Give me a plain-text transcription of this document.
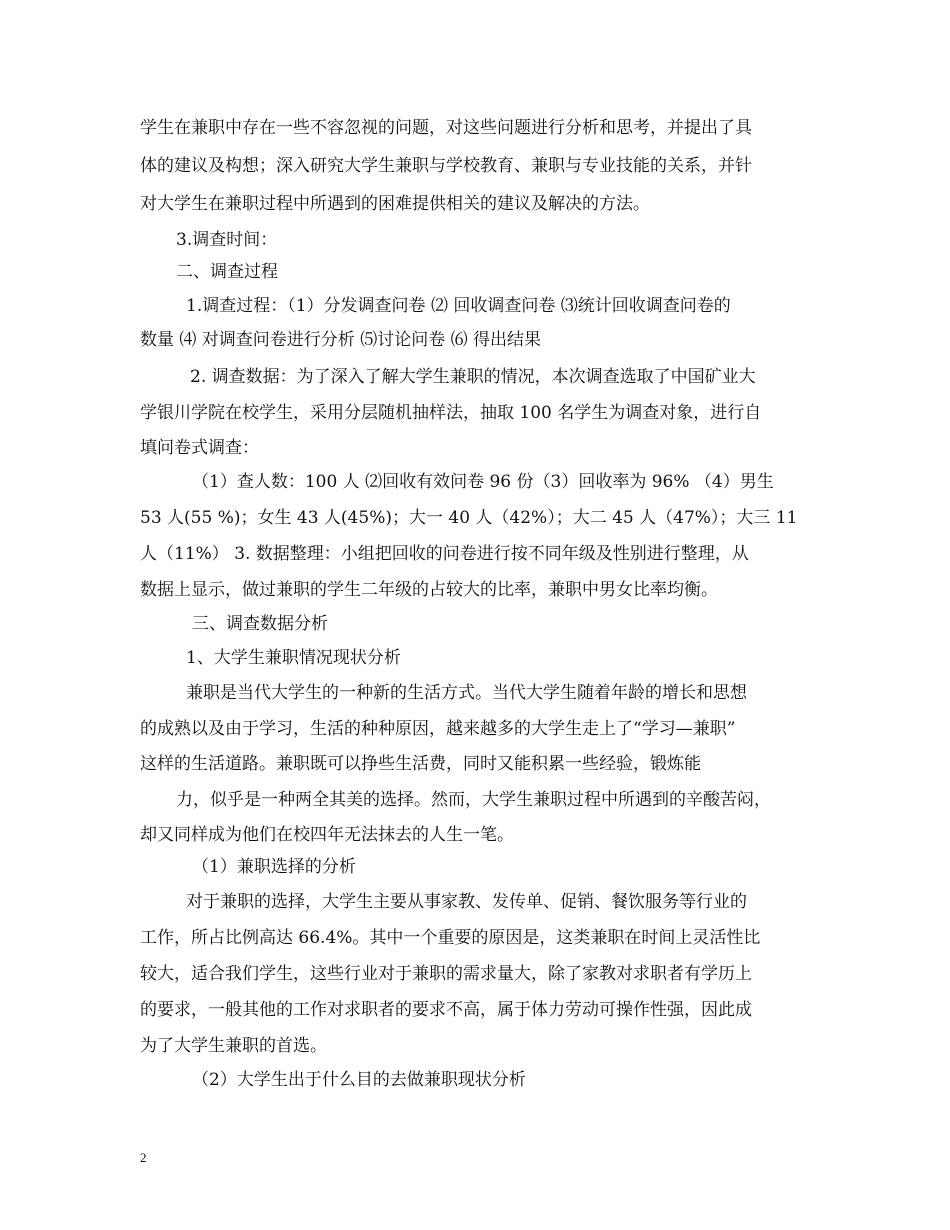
学生在兼职中存在一些不容忽视的问题，对这些问题进行分析和思考，并提出了具
体的建议及构想；深入研究大学生兼职与学校教育、兼职与专业技能的关系，并针
对大学生在兼职过程中所遇到的困难提供相关的建议及解决的方法。
3.调查时间：
二、调查过程
1.调查过程：（1）分发调查问卷 ⑵ 回收调查问卷 ⑶统计回收调查问卷的
数量 ⑷ 对调查问卷进行分析 ⑸讨论问卷 ⑹ 得出结果
2. 调查数据：为了深入了解大学生兼职的情况，本次调查选取了中国矿业大
学银川学院在校学生，采用分层随机抽样法，抽取 100 名学生为调查对象，进行自
填问卷式调查：
（1）查人数：100 人 ⑵回收有效问卷 96 份（3）回收率为 96% （4）男生
53 人(55 %)；女生 43 人(45%)；大一 40 人（42%）；大二 45 人（47%）；大三 11
人（11%） 3. 数据整理：小组把回收的问卷进行按不同年级及性别进行整理，从
数据上显示，做过兼职的学生二年级的占较大的比率，兼职中男女比率均衡。
三、调查数据分析
1、大学生兼职情况现状分析
兼职是当代大学生的一种新的生活方式。当代大学生随着年龄的增长和思想
的成熟以及由于学习，生活的种种原因，越来越多的大学生走上了“学习—兼职”
这样的生活道路。兼职既可以挣些生活费，同时又能积累一些经验，锻炼能
力，似乎是一种两全其美的选择。然而，大学生兼职过程中所遇到的辛酸苦闷，
却又同样成为他们在校四年无法抹去的人生一笔。
（1）兼职选择的分析
对于兼职的选择，大学生主要从事家教、发传单、促销、餐饮服务等行业的
工作，所占比例高达 66.4%。其中一个重要的原因是，这类兼职在时间上灵活性比
较大，适合我们学生，这些行业对于兼职的需求量大，除了家教对求职者有学历上
的要求，一般其他的工作对求职者的要求不高，属于体力劳动可操作性强，因此成
为了大学生兼职的首选。
（2）大学生出于什么目的去做兼职现状分析
2
